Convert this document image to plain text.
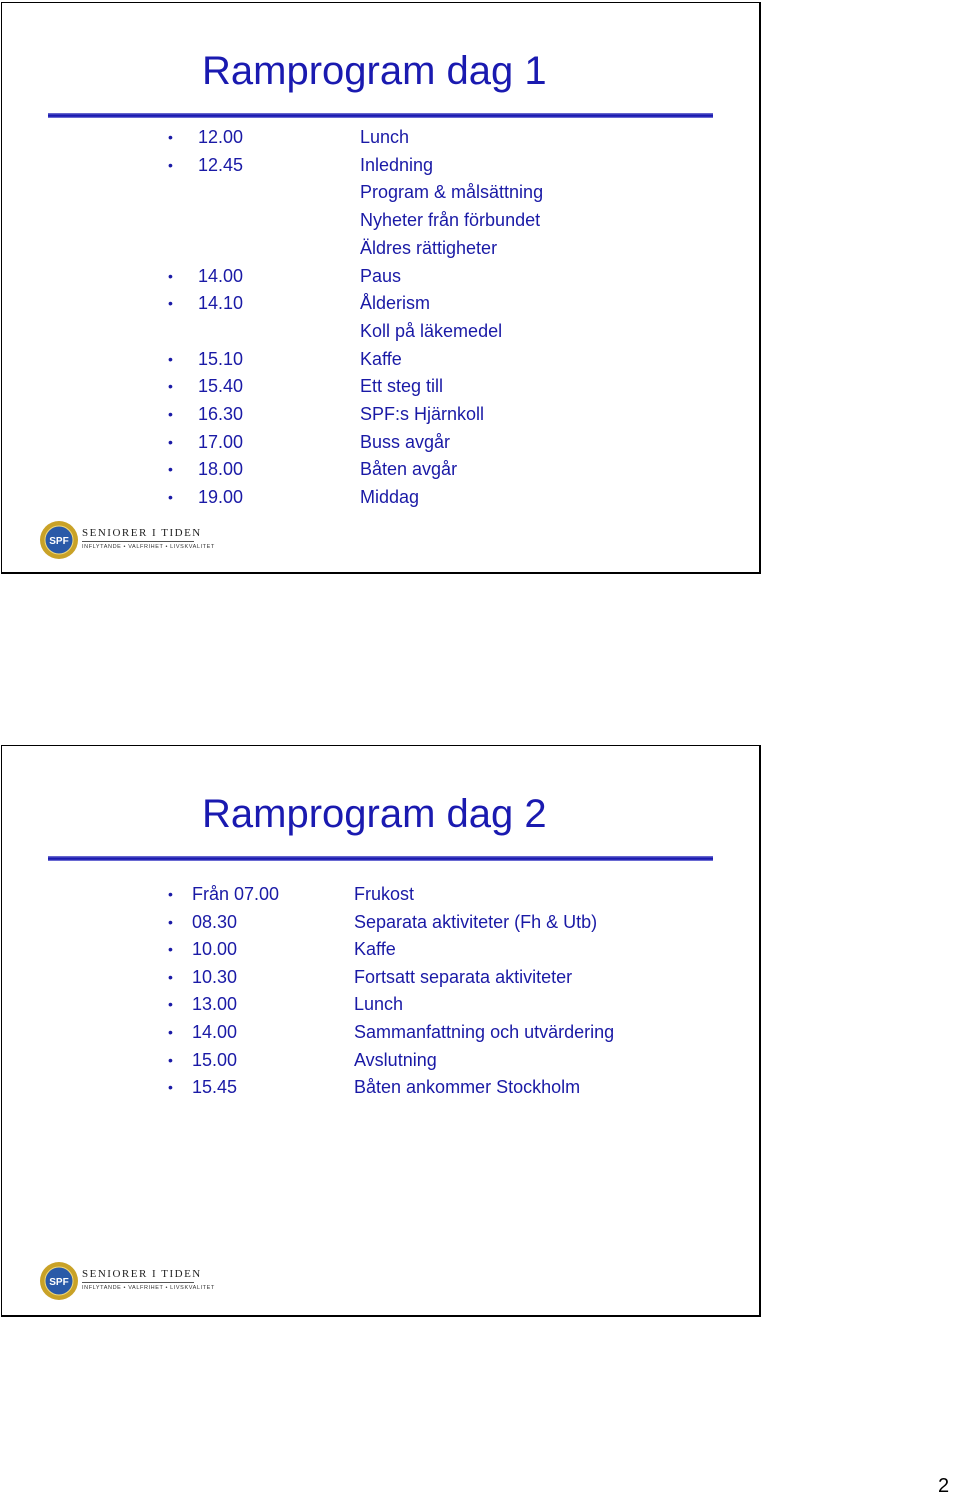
Ramprogram dag 1
• 12.00	Lunch
• 12.45	Inledning
Program & målsättning
Nyheter från förbundet
Äldres rättigheter
• 14.00	Paus
• 14.10	Ålderism
Koll på läkemedel
• 15.10	Kaffe
• 15.40	Ett steg till
• 16.30	SPF:s Hjärnkoll
• 17.00	Buss avgår
• 18.00	Båten avgår
• 19.00	Middag
SPF
SENIORER I TIDEN
INFLYTANDE • VALFRIHET • LIVSKVALITET
Ramprogram dag 2
• Från 07.00	Frukost
• 08.30	Separata aktiviteter (Fh & Utb)
• 10.00	Kaffe
• 10.30	Fortsatt separata aktiviteter
• 13.00	Lunch
• 14.00	Sammanfattning och utvärdering
• 15.00	Avslutning
• 15.45	Båten ankommer Stockholm
SPF
SENIORER I TIDEN
INFLYTANDE • VALFRIHET • LIVSKVALITET
2
